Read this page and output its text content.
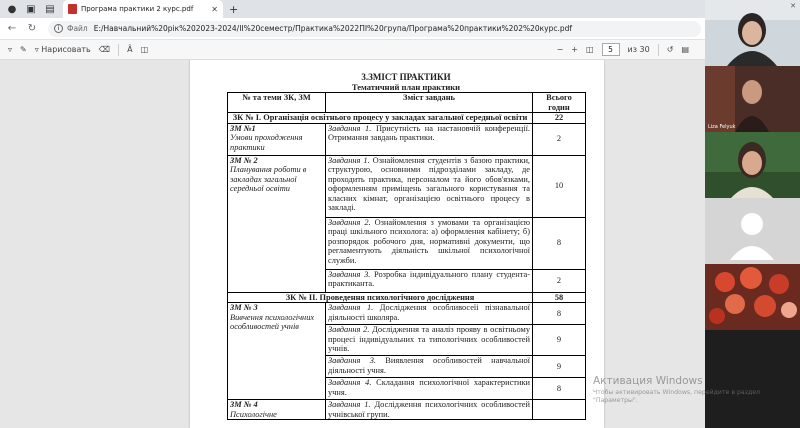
● ▣ ▤	Програма практики 2 курс.pdf	✕ +
←	↻	i	Файл E:/Навчальний%20рік%202023-2024/ІІ%20семестр/Практика%2022ПІ%20група/Програма%20практики%202%20курс.pdf
▿ ✎ ▿ Нарисовать ⌫ Ȃ ◫	− + ◫	5	из 30 ↺ ▤
3.ЗМІСТ ПРАКТИКИ
Тематичний план практики
№ та теми ЗК, ЗМ	Зміст завдань	Всього годин
ЗК № І. Організація освітнього процесу у закладах загальної середньої освіти		22
ЗМ №1
Умови проходження практики	Завдання 1. Присутність на настановчій конференції. Отримання завдань практики.	2
ЗМ № 2
Планування роботи в закладах загальної середньої освіти	Завдання 1. Ознайомлення студентів з базою практики, структурою, основними підрозділами закладу, де проходить практика, персоналом та його обов'язками, оформленням приміщень загального користування та класних кімнат, організацією освітнього процесу в закладі.	10
	Завдання 2. Ознайомлення з умовами та організацією праці шкільного психолога: а) оформлення кабінету; б) розпорядок робочого дня, нормативні документи, що регламентують діяльність шкільної психологічної служби.	8
	Завдання 3. Розробка індивідуального плану студента-практиканта.	2
ЗК № ІІ. Проведення психологічного дослідження		58
ЗМ № 3
Вивчення психологічних особливостей учнів	Завдання 1. Дослідження особливосеїі пізнавальної діяльності школяра.	8
	Завдання 2. Дослідження та аналіз прояву в освітньому процесі індивідуальних та типологічних особливостей учнів.	9
	Завдання 3. Виявлення особливостей навчальної діяльності учня.	9
	Завдання 4. Складання психологічної характеристики учня.	8
ЗМ № 4
Психологічне	Завдання 1. Дослідження психологічних особливостей учнівської групи.	
✕
Liza Felyuk
Активация Windows
Чтобы активировать Windows, перейдите в раздел "Параметры".
